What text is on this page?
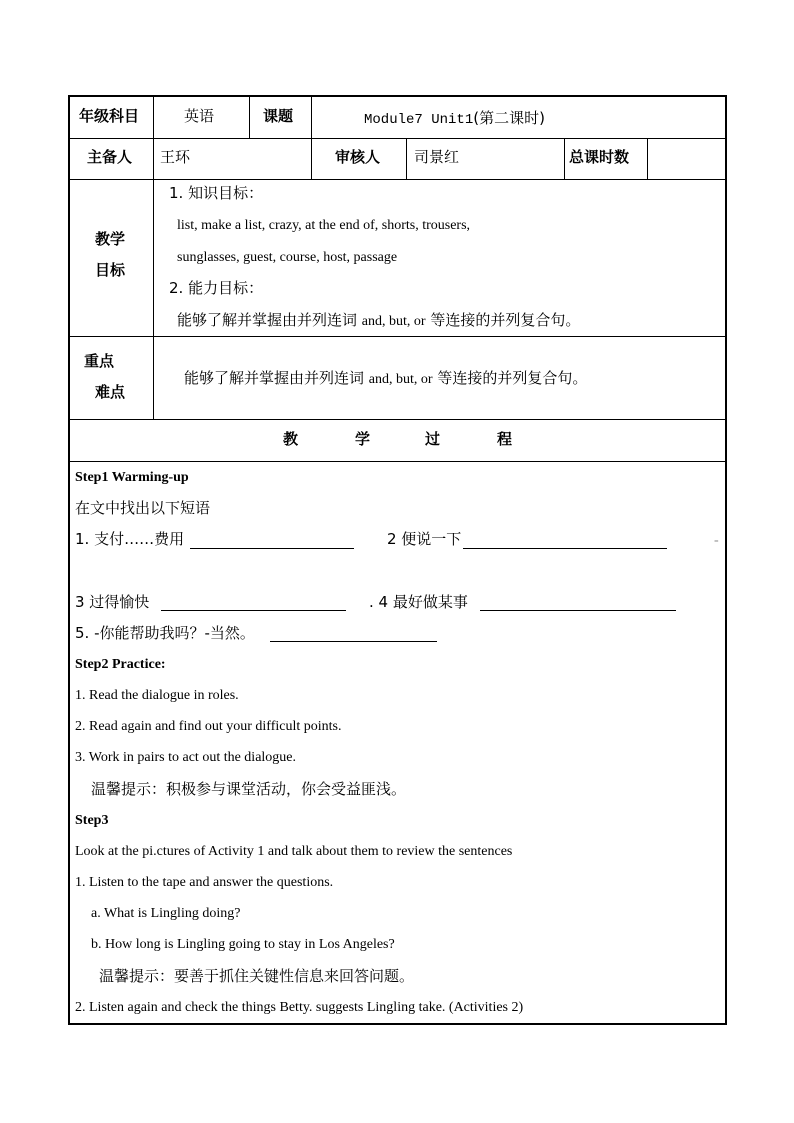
年级科目	英语	课题	Module7 Unit1(第二课时)
主备人 王环	审核人 司景红	总课时数
教学
目标
1. 知识目标：
list, make a list, crazy, at the end of, shorts, trousers,
sunglasses, guest, course, host, passage
2. 能力目标：
能够了解并掌握由并列连词 and, but, or 等连接的并列复合句。
重点
难点
能够了解并掌握由并列连词 and, but, or 等连接的并列复合句。
教	学	过	程
Step1 Warming-up
在文中找出以下短语
1. 支付……费用	2 便说一下	-
3 过得愉快	. 4 最好做某事
5. -你能帮助我吗？-当然。
Step2 Practice:
1. Read the dialogue in roles.
2. Read again and find out your difficult points.
3. Work in pairs to act out the dialogue.
温馨提示：积极参与课堂活动，你会受益匪浅。
Step3
Look at the pi.ctures of Activity 1 and talk about them to review the sentences
1. Listen to the tape and answer the questions.
a. What is Lingling doing?
b. How long is Lingling going to stay in Los Angeles?
温馨提示：要善于抓住关键性信息来回答问题。
2. Listen again and check the things Betty. suggests Lingling take. (Activities 2)
